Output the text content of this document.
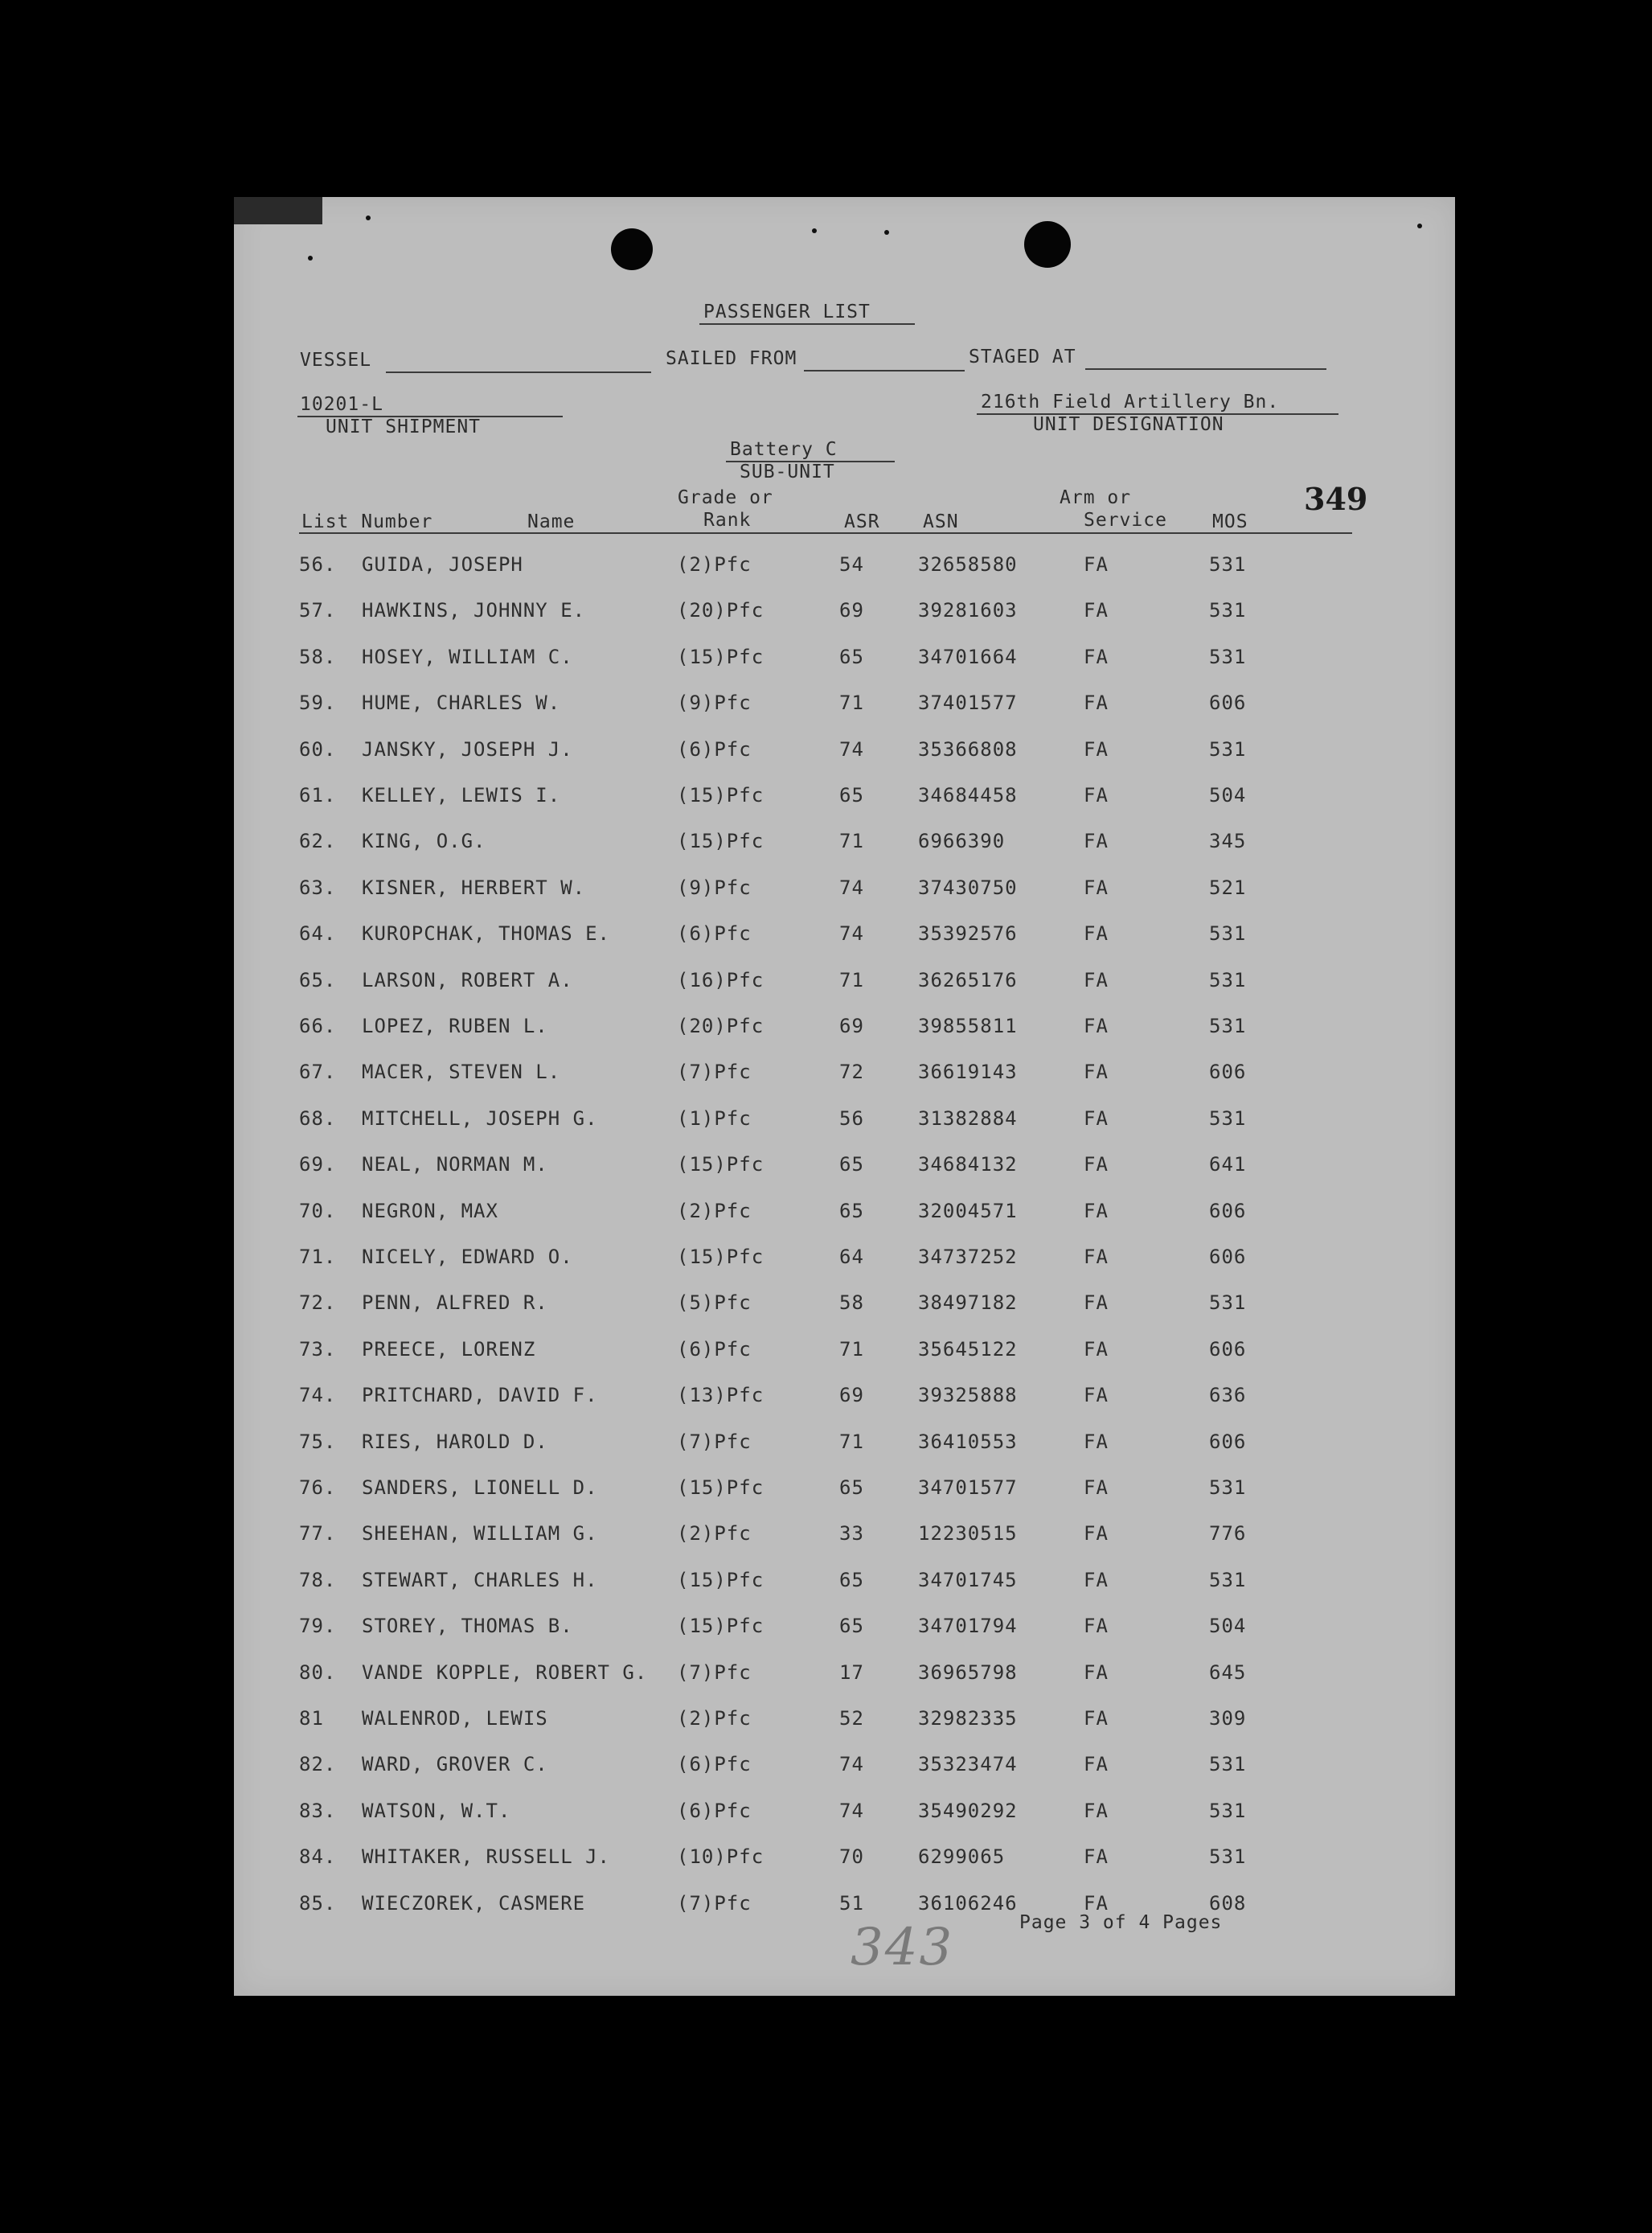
PASSENGER LIST
VESSEL	SAILED FROM	STAGED AT
10201-L
UNIT SHIPMENT
216th Field Artillery Bn.
UNIT DESIGNATION
Battery C
SUB-UNIT
349
Grade or	Arm or
List Number	Name	Rank	ASR ASN	Service MOS
56. GUIDA, JOSEPH	(2)Pfc	54	32658580	FA	531
57. HAWKINS, JOHNNY E.	(20)Pfc	69	39281603	FA	531
58. HOSEY, WILLIAM C.	(15)Pfc	65	34701664	FA	531
59. HUME, CHARLES W.	(9)Pfc	71	37401577	FA	606
60. JANSKY, JOSEPH J.	(6)Pfc	74	35366808	FA	531
61. KELLEY, LEWIS I.	(15)Pfc	65	34684458	FA	504
62. KING, O.G.	(15)Pfc	71	6966390	FA	345
63. KISNER, HERBERT W.	(9)Pfc	74	37430750	FA	521
64. KUROPCHAK, THOMAS E.	(6)Pfc	74	35392576	FA	531
65. LARSON, ROBERT A.	(16)Pfc	71	36265176	FA	531
66. LOPEZ, RUBEN L.	(20)Pfc	69	39855811	FA	531
67. MACER, STEVEN L.	(7)Pfc	72	36619143	FA	606
68. MITCHELL, JOSEPH G.	(1)Pfc	56	31382884	FA	531
69. NEAL, NORMAN M.	(15)Pfc	65	34684132	FA	641
70. NEGRON, MAX	(2)Pfc	65	32004571	FA	606
71. NICELY, EDWARD O.	(15)Pfc	64	34737252	FA	606
72. PENN, ALFRED R.	(5)Pfc	58	38497182	FA	531
73. PREECE, LORENZ	(6)Pfc	71	35645122	FA	606
74. PRITCHARD, DAVID F.	(13)Pfc	69	39325888	FA	636
75. RIES, HAROLD D.	(7)Pfc	71	36410553	FA	606
76. SANDERS, LIONELL D.	(15)Pfc	65	34701577	FA	531
77. SHEEHAN, WILLIAM G.	(2)Pfc	33	12230515	FA	776
78. STEWART, CHARLES H.	(15)Pfc	65	34701745	FA	531
79. STOREY, THOMAS B.	(15)Pfc	65	34701794	FA	504
80. VANDE KOPPLE, ROBERT G. (7)Pfc	17	36965798	FA	645
81 WALENROD, LEWIS	(2)Pfc	52	32982335	FA	309
82. WARD, GROVER C.	(6)Pfc	74	35323474	FA	531
83. WATSON, W.T.	(6)Pfc	74	35490292	FA	531
84. WHITAKER, RUSSELL J.	(10)Pfc	70	6299065	FA	531
85. WIECZOREK, CASMERE	(7)Pfc	51	36106246	FA	608
Page 3 of 4 Pages
343
